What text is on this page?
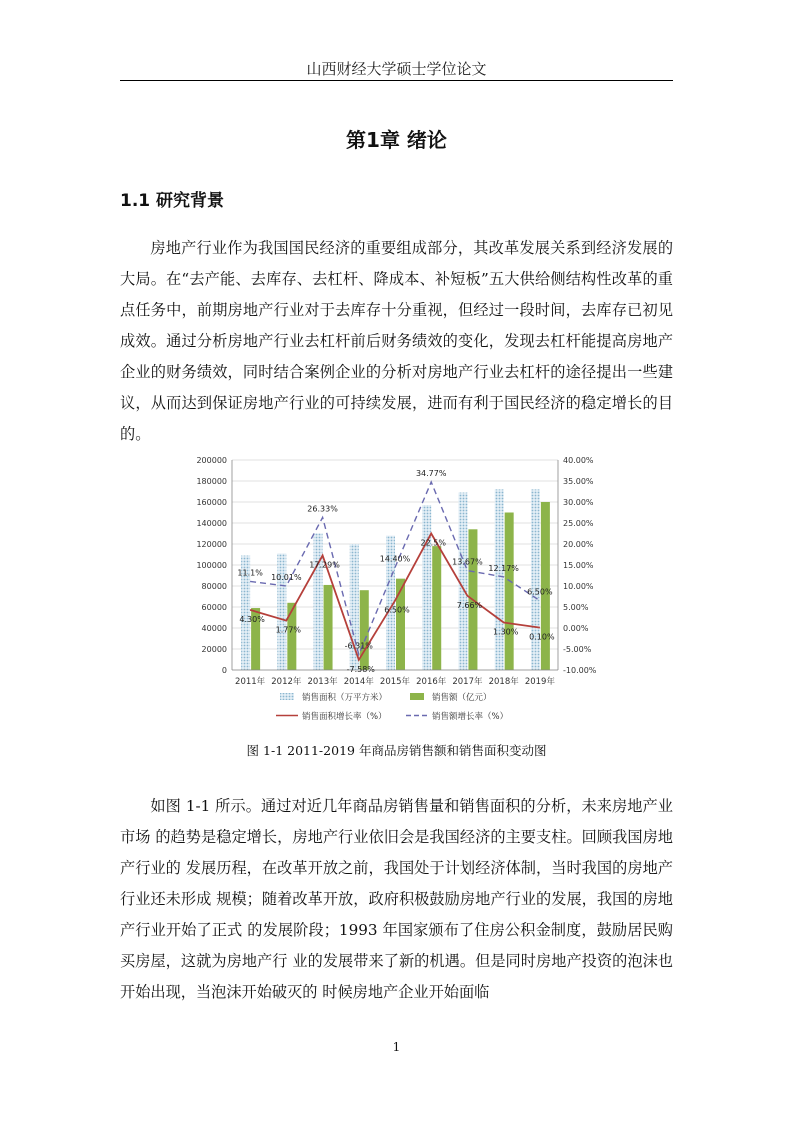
山西财经大学硕士学位论文
第1章 绪论
1.1 研究背景

房地产行业作为我国国民经济的重要组成部分，其改革发展关系到经济发展的大局。在“去产能、去库存、去杠杆、降成本、补短板”五大供给侧结构性改革的重点任务中，前期房地产行业对于去库存十分重视，但经过一段时间，去库存已初见成效。通过分析房地产行业去杠杆前后财务绩效的变化，发现去杠杆能提高房地产企业的财务绩效，同时结合案例企业的分析对房地产行业去杠杆的途径提出一些建议，从而达到保证房地产行业的可持续发展，进而有利于国民经济的稳定增长的目的。

0
20000
40000
60000
80000
100000
120000
140000
160000
180000
200000
-10.00%
-5.00%
0.00%
5.00%
10.00%
15.00%
20.00%
25.00%
30.00%
35.00%
40.00%
2011年 2012年 2013年 2014年 2015年 2016年 2017年 2018年 2019年
4.30%
1.77%
17.29%
-7.58%
6.50%
22.5%
7.66%
1.30%
0.10%
11.1%
10.01%
26.33%
-6.31%
14.40%
34.77%
13.67%
12.17%
6.50%
销售面积（万平方米）	销售额（亿元）
销售面积增长率（%）	销售额增长率（%）
图 1-1 2011-2019 年商品房销售额和销售面积变动图

如图 1-1 所示。通过对近几年商品房销售量和销售面积的分析，未来房地产业市场 的趋势是稳定增长，房地产行业依旧会是我国经济的主要支柱。回顾我国房地产行业的 发展历程，在改革开放之前，我国处于计划经济体制，当时我国的房地产行业还未形成 规模；随着改革开放，政府积极鼓励房地产行业的发展，我国的房地产行业开始了正式 的发展阶段；1993 年国家颁布了住房公积金制度，鼓励居民购买房屋，这就为房地产行 业的发展带来了新的机遇。但是同时房地产投资的泡沫也开始出现，当泡沫开始破灭的 时候房地产企业开始面临

1
